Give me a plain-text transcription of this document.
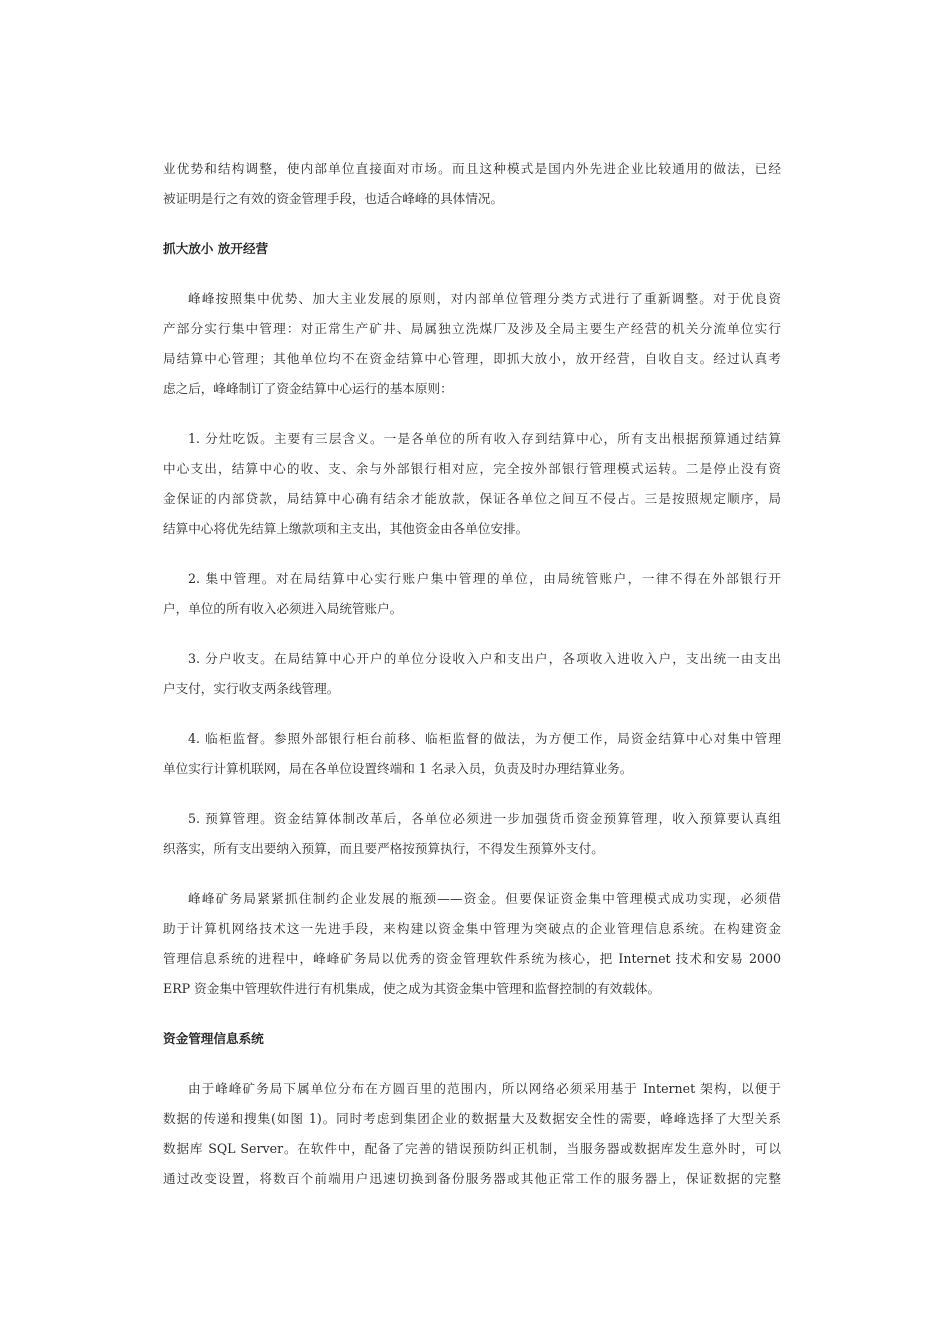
业优势和结构调整，使内部单位直接面对市场。而且这种模式是国内外先进企业比较通用的做法，已经
被证明是行之有效的资金管理手段，也适合峰峰的具体情况。
抓大放小 放开经营
峰峰按照集中优势、加大主业发展的原则，对内部单位管理分类方式进行了重新调整。对于优良资
产部分实行集中管理：对正常生产矿井、局属独立洗煤厂及涉及全局主要生产经营的机关分流单位实行
局结算中心管理；其他单位均不在资金结算中心管理，即抓大放小，放开经营，自收自支。经过认真考
虑之后，峰峰制订了资金结算中心运行的基本原则：
1. 分灶吃饭。主要有三层含义。一是各单位的所有收入存到结算中心，所有支出根据预算通过结算
中心支出，结算中心的收、支、余与外部银行相对应，完全按外部银行管理模式运转。二是停止没有资
金保证的内部贷款，局结算中心确有结余才能放款，保证各单位之间互不侵占。三是按照规定顺序，局
结算中心将优先结算上缴款项和主支出，其他资金由各单位安排。
2. 集中管理。对在局结算中心实行账户集中管理的单位，由局统管账户，一律不得在外部银行开
户，单位的所有收入必须进入局统管账户。
3. 分户收支。在局结算中心开户的单位分设收入户和支出户，各项收入进收入户，支出统一由支出
户支付，实行收支两条线管理。
4. 临柜监督。参照外部银行柜台前移、临柜监督的做法，为方便工作，局资金结算中心对集中管理
单位实行计算机联网，局在各单位设置终端和 1 名录入员，负责及时办理结算业务。
5. 预算管理。资金结算体制改革后，各单位必须进一步加强货币资金预算管理，收入预算要认真组
织落实，所有支出要纳入预算，而且要严格按预算执行，不得发生预算外支付。
峰峰矿务局紧紧抓住制约企业发展的瓶颈——资金。但要保证资金集中管理模式成功实现，必须借
助于计算机网络技术这一先进手段，来构建以资金集中管理为突破点的企业管理信息系统。在构建资金
管理信息系统的进程中，峰峰矿务局以优秀的资金管理软件系统为核心，把 Internet 技术和安易 2000
ERP 资金集中管理软件进行有机集成，使之成为其资金集中管理和监督控制的有效载体。
资金管理信息系统
由于峰峰矿务局下属单位分布在方圆百里的范围内，所以网络必须采用基于 Internet 架构，以便于
数据的传递和搜集(如图 1)。同时考虑到集团企业的数据量大及数据安全性的需要，峰峰选择了大型关系
数据库 SQL Server。在软件中，配备了完善的错误预防纠正机制，当服务器或数据库发生意外时，可以
通过改变设置，将数百个前端用户迅速切换到备份服务器或其他正常工作的服务器上，保证数据的完整
